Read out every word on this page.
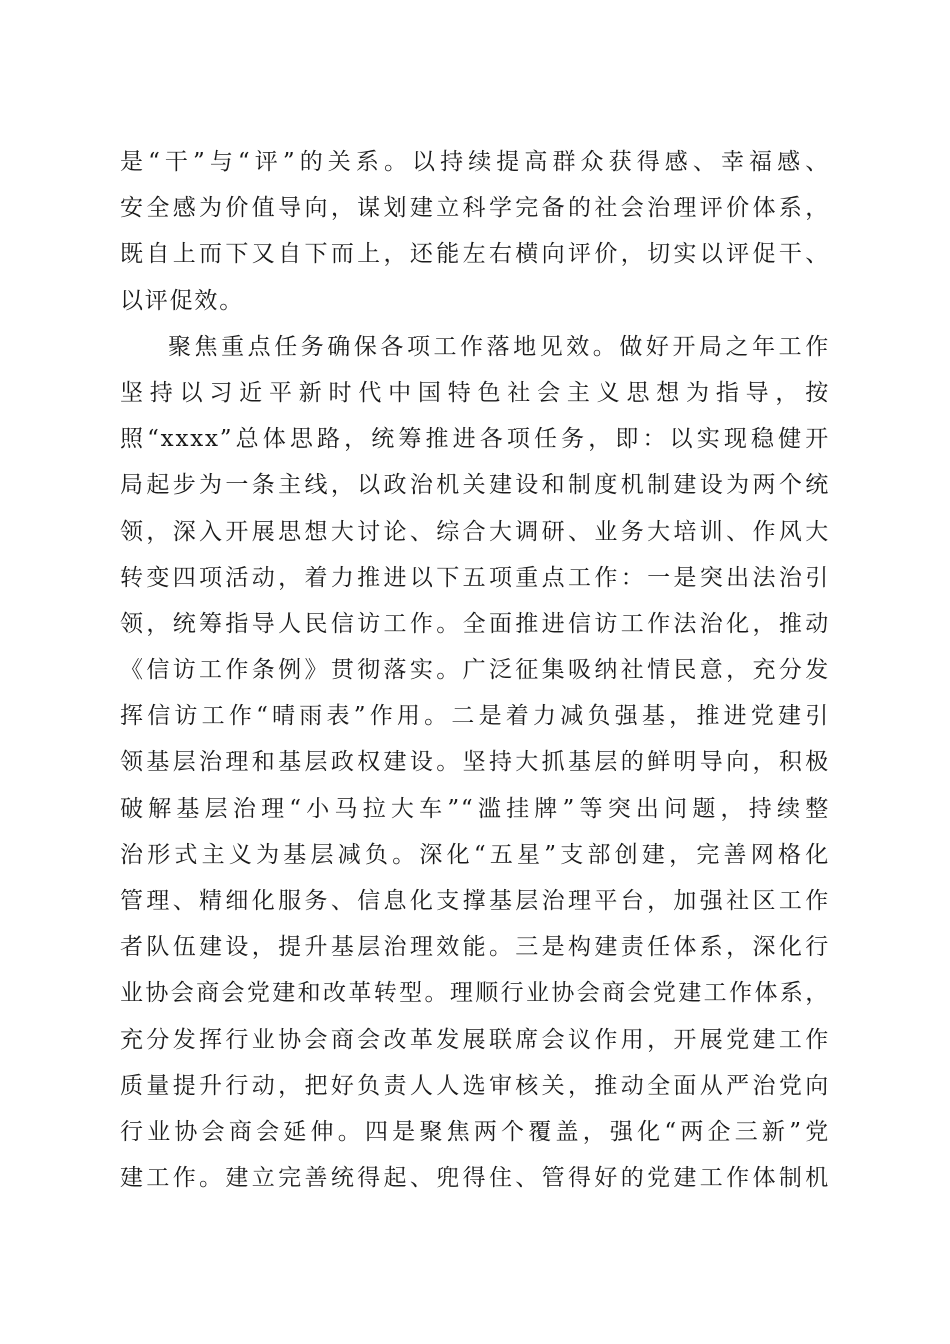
是“干”与“评”的关系。以持续提高群众获得感、幸福感、
安全感为价值导向，谋划建立科学完备的社会治理评价体系，
既自上而下又自下而上，还能左右横向评价，切实以评促干、
以评促效。
聚焦重点任务确保各项工作落地见效。做好开局之年工作
坚持以习近平新时代中国特色社会主义思想为指导，按
照“xxxx”总体思路，统筹推进各项任务，即：以实现稳健开
局起步为一条主线，以政治机关建设和制度机制建设为两个统
领，深入开展思想大讨论、综合大调研、业务大培训、作风大
转变四项活动，着力推进以下五项重点工作：一是突出法治引
领，统筹指导人民信访工作。全面推进信访工作法治化，推动
《信访工作条例》贯彻落实。广泛征集吸纳社情民意，充分发
挥信访工作“晴雨表”作用。二是着力减负强基，推进党建引
领基层治理和基层政权建设。坚持大抓基层的鲜明导向，积极
破解基层治理“小马拉大车”“滥挂牌”等突出问题，持续整
治形式主义为基层减负。深化“五星”支部创建，完善网格化
管理、精细化服务、信息化支撑基层治理平台，加强社区工作
者队伍建设，提升基层治理效能。三是构建责任体系，深化行
业协会商会党建和改革转型。理顺行业协会商会党建工作体系，
充分发挥行业协会商会改革发展联席会议作用，开展党建工作
质量提升行动，把好负责人人选审核关，推动全面从严治党向
行业协会商会延伸。四是聚焦两个覆盖，强化“两企三新”党
建工作。建立完善统得起、兜得住、管得好的党建工作体制机
